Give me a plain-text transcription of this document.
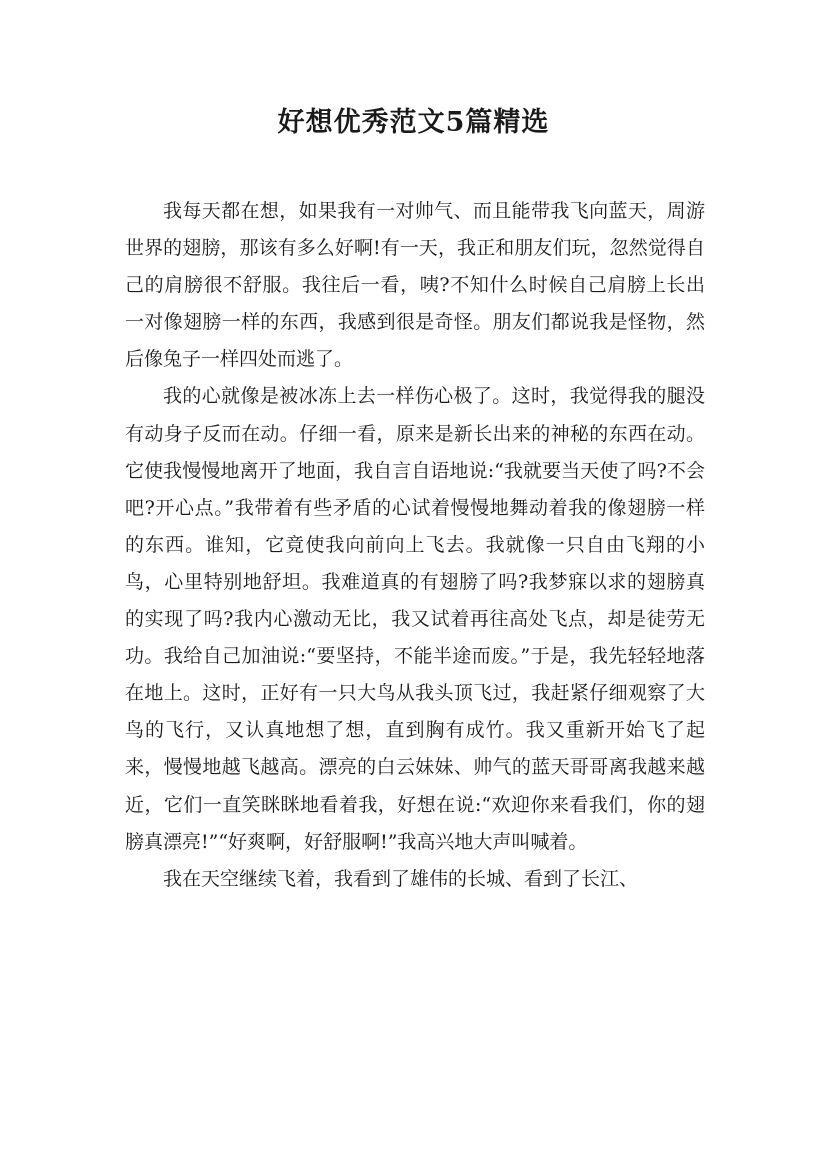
好想优秀范文5篇精选

我每天都在想，如果我有一对帅气、而且能带我飞向蓝天，周游世界的翅膀，那该有多么好啊!有一天，我正和朋友们玩，忽然觉得自己的肩膀很不舒服。我往后一看，咦?不知什么时候自己肩膀上长出一对像翅膀一样的东西，我感到很是奇怪。朋友们都说我是怪物，然后像兔子一样四处而逃了。

我的心就像是被冰冻上去一样伤心极了。这时，我觉得我的腿没有动身子反而在动。仔细一看，原来是新长出来的神秘的东西在动。它使我慢慢地离开了地面，我自言自语地说:“我就要当天使了吗?不会吧?开心点。”我带着有些矛盾的心试着慢慢地舞动着我的像翅膀一样的东西。谁知，它竟使我向前向上飞去。我就像一只自由飞翔的小鸟，心里特别地舒坦。我难道真的有翅膀了吗?我梦寐以求的翅膀真的实现了吗?我内心激动无比，我又试着再往高处飞点，却是徒劳无功。我给自己加油说:“要坚持，不能半途而废。”于是，我先轻轻地落在地上。这时，正好有一只大鸟从我头顶飞过，我赶紧仔细观察了大鸟的飞行，又认真地想了想，直到胸有成竹。我又重新开始飞了起来，慢慢地越飞越高。漂亮的白云妹妹、帅气的蓝天哥哥离我越来越近，它们一直笑眯眯地看着我，好想在说:“欢迎你来看我们，你的翅膀真漂亮!”“好爽啊，好舒服啊!”我高兴地大声叫喊着。

我在天空继续飞着，我看到了雄伟的长城、看到了长江、
